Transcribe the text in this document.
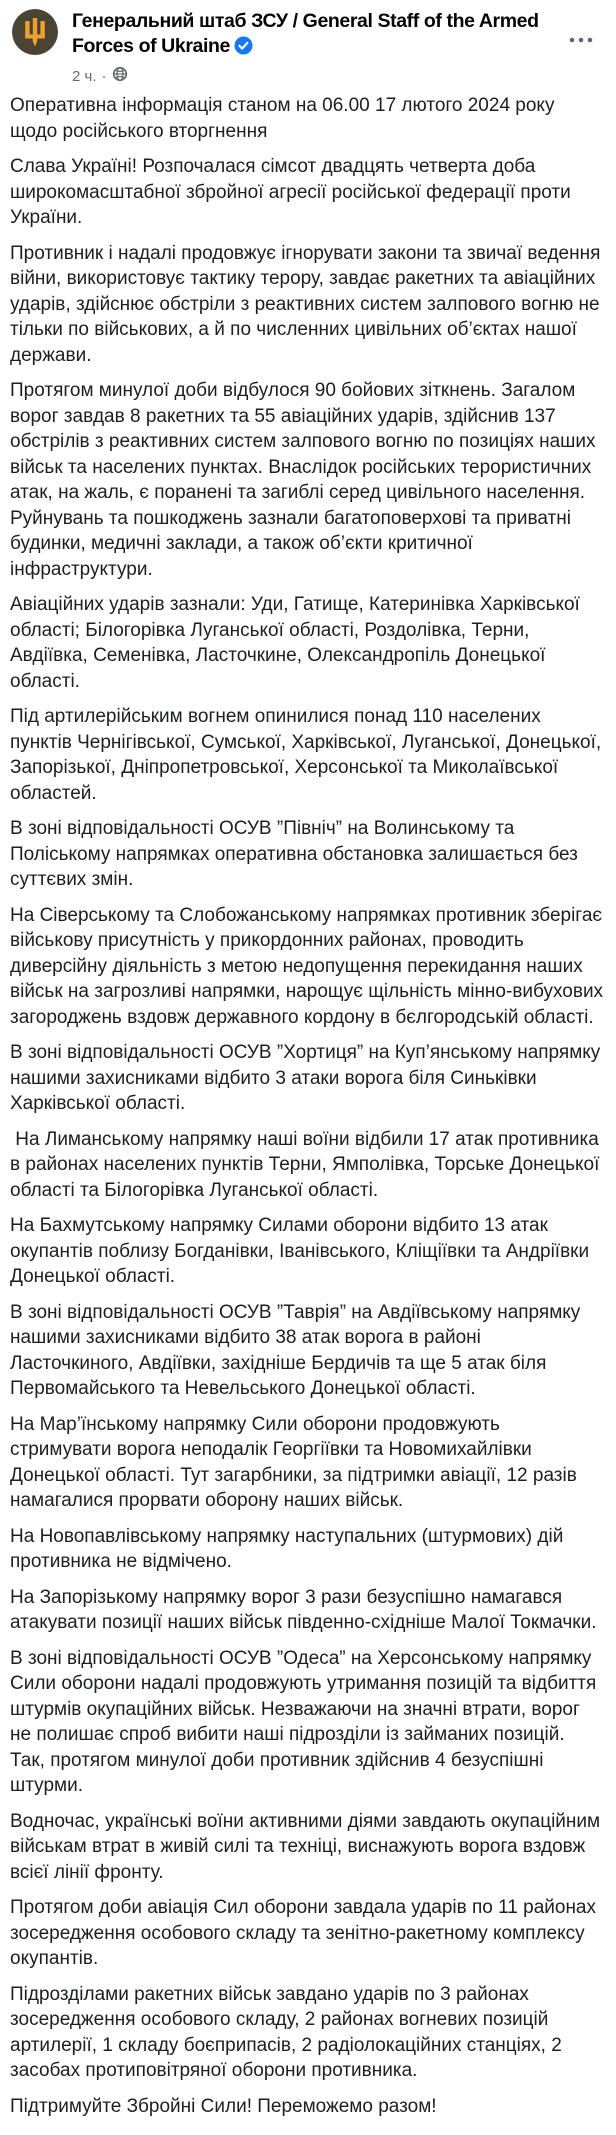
Генеральний штаб ЗСУ / General Staff of the Armed Forces of Ukraine
2 ч. ·

Оперативна інформація станом на 06.00 17 лютого 2024 року щодо російського вторгнення

Слава Україні! Розпочалася сімсот двадцять четверта доба широкомасштабної збройної агресії російської федерації проти України.

Противник і надалі продовжує ігнорувати закони та звичаї ведення війни, використовує тактику терору, завдає ракетних та авіаційних ударів, здійснює обстріли з реактивних систем залпового вогню не тільки по військових, а й по численних цивільних об’єктах нашої держави.

Протягом минулої доби відбулося 90 бойових зіткнень. Загалом ворог завдав 8 ракетних та 55 авіаційних ударів, здійснив 137 обстрілів з реактивних систем залпового вогню по позиціях наших військ та населених пунктах. Внаслідок російських терористичних атак, на жаль, є поранені та загиблі серед цивільного населення. Руйнувань та пошкоджень зазнали багатоповерхові та приватні будинки, медичні заклади, а також об’єкти критичної інфраструктури.

Авіаційних ударів зазнали: Уди, Гатище, Катеринівка Харківської області; Білогорівка Луганської області, Роздолівка, Терни, Авдіївка, Семенівка, Ласточкине, Олександропіль Донецької області.

Під артилерійським вогнем опинилися понад 110 населених пунктів Чернігівської, Сумської, Харківської, Луганської, Донецької, Запорізької, Дніпропетровської, Херсонської та Миколаївської областей.

В зоні відповідальності ОСУВ ”Північ” на Волинському та Поліському напрямках оперативна обстановка залишається без суттєвих змін.

На Сіверському та Слобожанському напрямках противник зберігає військову присутність у прикордонних районах, проводить диверсійну діяльність з метою недопущення перекидання наших військ на загрозливі напрямки, нарощує щільність мінно-вибухових загороджень вздовж державного кордону в бєлгородській області.

В зоні відповідальності ОСУВ ”Хортиця” на Куп’янському напрямку нашими захисниками відбито 3 атаки ворога біля Синьківки Харківської області.

На Лиманському напрямку наші воїни відбили 17 атак противника в районах населених пунктів Терни, Ямполівка, Торське Донецької області та Білогорівка Луганської області.

На Бахмутському напрямку Силами оборони відбито 13 атак окупантів поблизу Богданівки, Іванівського, Кліщіївки та Андріївки Донецької області.

В зоні відповідальності ОСУВ ”Таврія” на Авдіївському напрямку нашими захисниками відбито 38 атак ворога в районі Ласточкиного, Авдіївки, західніше Бердичів та ще 5 атак біля Первомайського та Невельського Донецької області.

На Мар’їнському напрямку Сили оборони продовжують стримувати ворога неподалік Георгіївки та Новомихайлівки Донецької області. Тут загарбники, за підтримки авіації, 12 разів намагалися прорвати оборону наших військ.

На Новопавлівському напрямку наступальних (штурмових) дій противника не відмічено.

На Запорізькому напрямку ворог 3 рази безуспішно намагався атакувати позиції наших військ південно-східніше Малої Токмачки.

В зоні відповідальності ОСУВ ”Одеса” на Херсонському напрямку Сили оборони надалі продовжують утримання позицій та відбиття штурмів окупаційних військ. Незважаючи на значні втрати, ворог не полишає спроб вибити наші підрозділи із займаних позицій. Так, протягом минулої доби противник здійснив 4 безуспішні штурми.

Водночас, українські воїни активними діями завдають окупаційним військам втрат в живій силі та техніці, виснажують ворога вздовж всієї лінії фронту.

Протягом доби авіація Сил оборони завдала ударів по 11 районах зосередження особового складу та зенітно-ракетному комплексу окупантів.

Підрозділами ракетних військ завдано ударів по 3 районах зосередження особового складу, 2 районах вогневих позицій артилерії, 1 складу боєприпасів, 2 радіолокаційних станціях, 2 засобах протиповітряної оборони противника.

Підтримуйте Збройні Сили! Переможемо разом!
